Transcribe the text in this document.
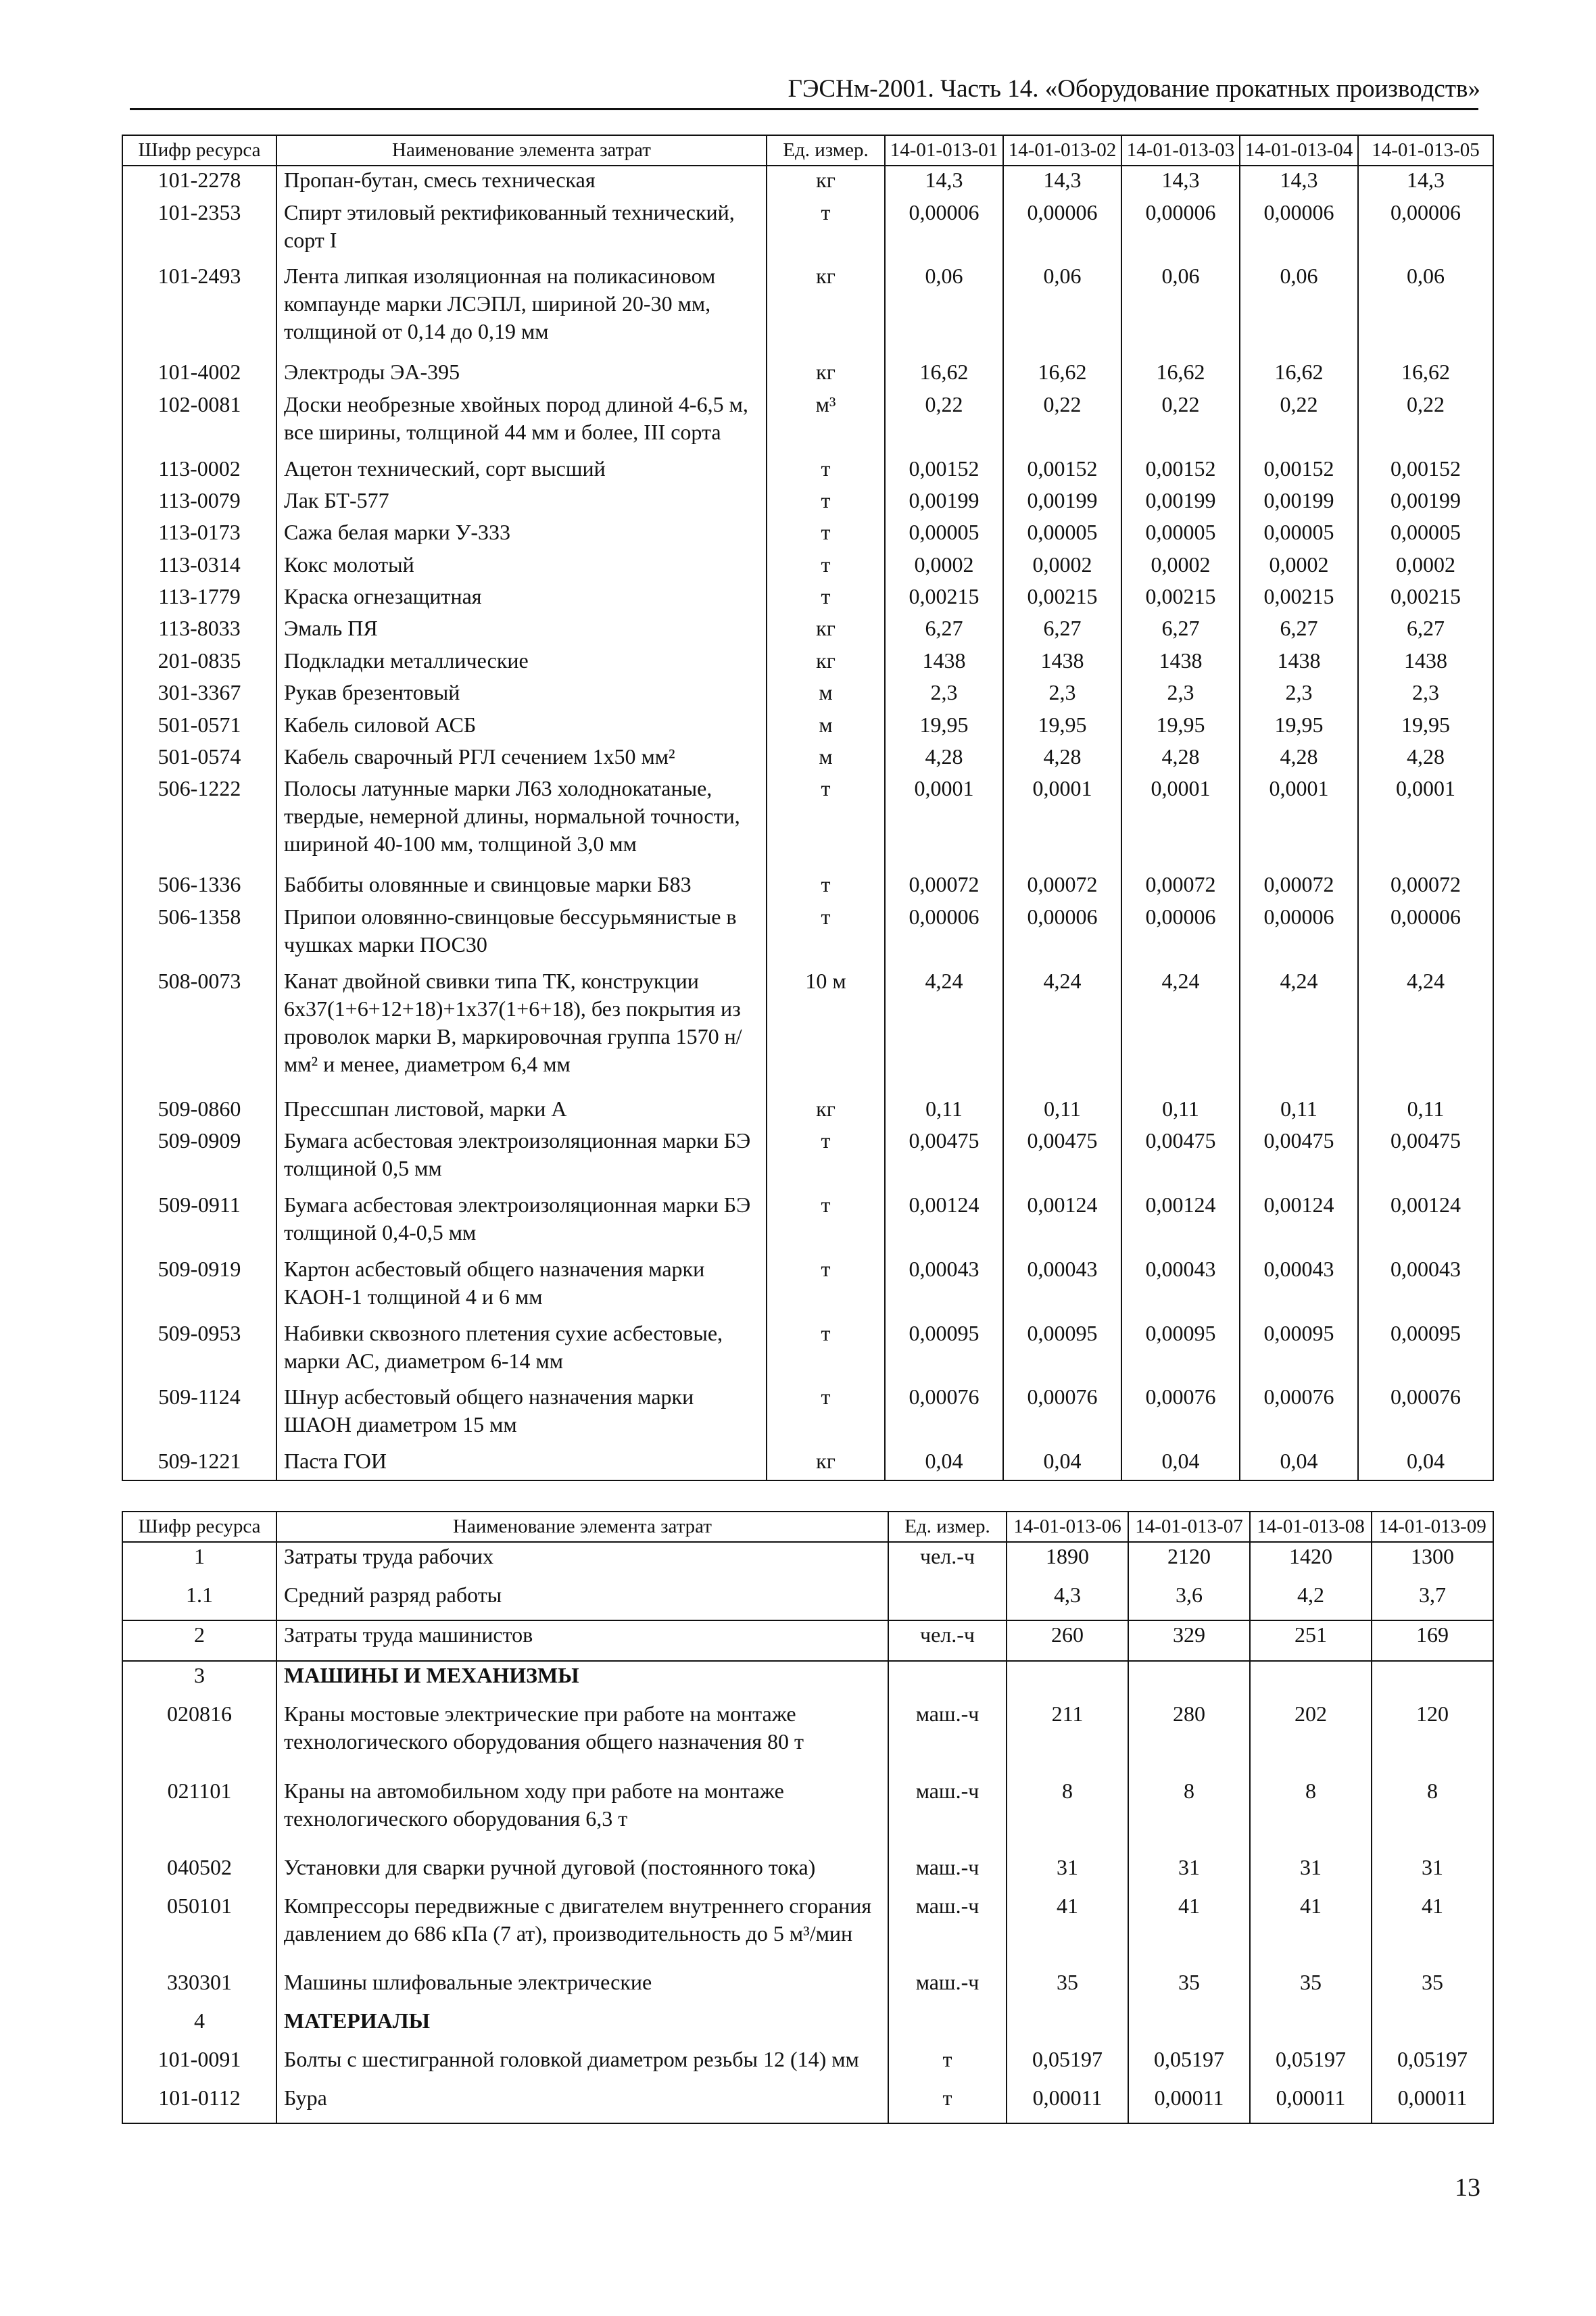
ГЭСНм-2001. Часть 14. «Оборудование прокатных производств»
Шифр ресурса	Наименование элемента затрат	Ед. измер.	14-01-013-01	14-01-013-02	14-01-013-03	14-01-013-04	14-01-013-05
101-2278	Пропан-бутан, смесь техническая	кг	14,3	14,3	14,3	14,3	14,3
101-2353	Спирт этиловый ректификованный технический, сорт I	т	0,00006	0,00006	0,00006	0,00006	0,00006
101-2493	Лента липкая изоляционная на поликасиновом компаунде марки ЛСЭПЛ, шириной 20-30 мм, толщиной от 0,14 до 0,19 мм	кг	0,06	0,06	0,06	0,06	0,06
101-4002	Электроды ЭА-395	кг	16,62	16,62	16,62	16,62	16,62
102-0081	Доски необрезные хвойных пород длиной 4-6,5 м, все ширины, толщиной 44 мм и более, III сорта	м³	0,22	0,22	0,22	0,22	0,22
113-0002	Ацетон технический, сорт высший	т	0,00152	0,00152	0,00152	0,00152	0,00152
113-0079	Лак БТ-577	т	0,00199	0,00199	0,00199	0,00199	0,00199
113-0173	Сажа белая марки У-333	т	0,00005	0,00005	0,00005	0,00005	0,00005
113-0314	Кокс молотый	т	0,0002	0,0002	0,0002	0,0002	0,0002
113-1779	Краска огнезащитная	т	0,00215	0,00215	0,00215	0,00215	0,00215
113-8033	Эмаль ПЯ	кг	6,27	6,27	6,27	6,27	6,27
201-0835	Подкладки металлические	кг	1438	1438	1438	1438	1438
301-3367	Рукав брезентовый	м	2,3	2,3	2,3	2,3	2,3
501-0571	Кабель силовой АСБ	м	19,95	19,95	19,95	19,95	19,95
501-0574	Кабель сварочный РГЛ сечением 1х50 мм²	м	4,28	4,28	4,28	4,28	4,28
506-1222	Полосы латунные марки Л63 холоднокатаные, твердые, немерной длины, нормальной точности, шириной 40-100 мм, толщиной 3,0 мм	т	0,0001	0,0001	0,0001	0,0001	0,0001
506-1336	Баббиты оловянные и свинцовые марки Б83	т	0,00072	0,00072	0,00072	0,00072	0,00072
506-1358	Припои оловянно-свинцовые бессурьмянистые в чушках марки ПОС30	т	0,00006	0,00006	0,00006	0,00006	0,00006
508-0073	Канат двойной свивки типа ТК, конструкции 6х37(1+6+12+18)+1х37(1+6+18), без покрытия из проволок марки В, маркировочная группа 1570 н/мм² и менее, диаметром 6,4 мм	10 м	4,24	4,24	4,24	4,24	4,24
509-0860	Прессшпан листовой, марки А	кг	0,11	0,11	0,11	0,11	0,11
509-0909	Бумага асбестовая электроизоляционная марки БЭ толщиной 0,5 мм	т	0,00475	0,00475	0,00475	0,00475	0,00475
509-0911	Бумага асбестовая электроизоляционная марки БЭ толщиной 0,4-0,5 мм	т	0,00124	0,00124	0,00124	0,00124	0,00124
509-0919	Картон асбестовый общего назначения марки КАОН-1 толщиной 4 и 6 мм	т	0,00043	0,00043	0,00043	0,00043	0,00043
509-0953	Набивки сквозного плетения сухие асбестовые, марки АС, диаметром 6-14 мм	т	0,00095	0,00095	0,00095	0,00095	0,00095
509-1124	Шнур асбестовый общего назначения марки ШАОН диаметром 15 мм	т	0,00076	0,00076	0,00076	0,00076	0,00076
509-1221	Паста ГОИ	кг	0,04	0,04	0,04	0,04	0,04
Шифр ресурса	Наименование элемента затрат	Ед. измер.	14-01-013-06	14-01-013-07	14-01-013-08	14-01-013-09
1	Затраты труда рабочих	чел.-ч	1890	2120	1420	1300
1.1	Средний разряд работы		4,3	3,6	4,2	3,7
2	Затраты труда машинистов	чел.-ч	260	329	251	169
3	МАШИНЫ И МЕХАНИЗМЫ					
020816	Краны мостовые электрические при работе на монтаже технологического оборудования общего назначения 80 т	маш.-ч	211	280	202	120
021101	Краны на автомобильном ходу при работе на монтаже технологического оборудования 6,3 т	маш.-ч	8	8	8	8
040502	Установки для сварки ручной дуговой (постоянного тока)	маш.-ч	31	31	31	31
050101	Компрессоры передвижные с двигателем внутреннего сгорания давлением до 686 кПа (7 ат), производительность до 5 м³/мин	маш.-ч	41	41	41	41
330301	Машины шлифовальные электрические	маш.-ч	35	35	35	35
4	МАТЕРИАЛЫ					
101-0091	Болты с шестигранной головкой диаметром резьбы 12 (14) мм	т	0,05197	0,05197	0,05197	0,05197
101-0112	Бура	т	0,00011	0,00011	0,00011	0,00011
13
